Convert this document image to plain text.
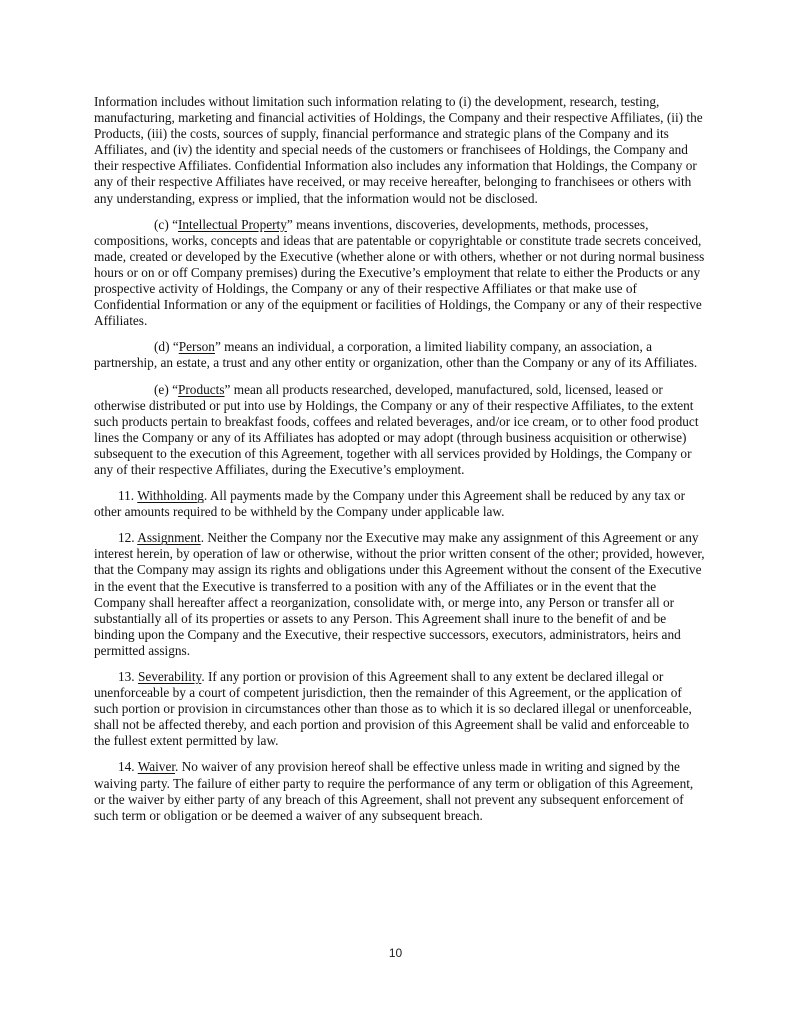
Information includes without limitation such information relating to (i) the development, research, testing, manufacturing, marketing and financial activities of Holdings, the Company and their respective Affiliates, (ii) the Products, (iii) the costs, sources of supply, financial performance and strategic plans of the Company and its Affiliates, and (iv) the identity and special needs of the customers or franchisees of Holdings, the Company and their respective Affiliates. Confidential Information also includes any information that Holdings, the Company or any of their respective Affiliates have received, or may receive hereafter, belonging to franchisees or others with any understanding, express or implied, that the information would not be disclosed.

(c) “Intellectual Property” means inventions, discoveries, developments, methods, processes, compositions, works, concepts and ideas that are patentable or copyrightable or constitute trade secrets conceived, made, created or developed by the Executive (whether alone or with others, whether or not during normal business hours or on or off Company premises) during the Executive’s employment that relate to either the Products or any prospective activity of Holdings, the Company or any of their respective Affiliates or that make use of Confidential Information or any of the equipment or facilities of Holdings, the Company or any of their respective Affiliates.

(d) “Person” means an individual, a corporation, a limited liability company, an association, a partnership, an estate, a trust and any other entity or organization, other than the Company or any of its Affiliates.

(e) “Products” mean all products researched, developed, manufactured, sold, licensed, leased or otherwise distributed or put into use by Holdings, the Company or any of their respective Affiliates, to the extent such products pertain to breakfast foods, coffees and related beverages, and/or ice cream, or to other food product lines the Company or any of its Affiliates has adopted or may adopt (through business acquisition or otherwise) subsequent to the execution of this Agreement, together with all services provided by Holdings, the Company or any of their respective Affiliates, during the Executive’s employment.

11. Withholding. All payments made by the Company under this Agreement shall be reduced by any tax or other amounts required to be withheld by the Company under applicable law.

12. Assignment. Neither the Company nor the Executive may make any assignment of this Agreement or any interest herein, by operation of law or otherwise, without the prior written consent of the other; provided, however, that the Company may assign its rights and obligations under this Agreement without the consent of the Executive in the event that the Executive is transferred to a position with any of the Affiliates or in the event that the Company shall hereafter affect a reorganization, consolidate with, or merge into, any Person or transfer all or substantially all of its properties or assets to any Person. This Agreement shall inure to the benefit of and be binding upon the Company and the Executive, their respective successors, executors, administrators, heirs and permitted assigns.

13. Severability. If any portion or provision of this Agreement shall to any extent be declared illegal or unenforceable by a court of competent jurisdiction, then the remainder of this Agreement, or the application of such portion or provision in circumstances other than those as to which it is so declared illegal or unenforceable, shall not be affected thereby, and each portion and provision of this Agreement shall be valid and enforceable to the fullest extent permitted by law.

14. Waiver. No waiver of any provision hereof shall be effective unless made in writing and signed by the waiving party. The failure of either party to require the performance of any term or obligation of this Agreement, or the waiver by either party of any breach of this Agreement, shall not prevent any subsequent enforcement of such term or obligation or be deemed a waiver of any subsequent breach.

10
